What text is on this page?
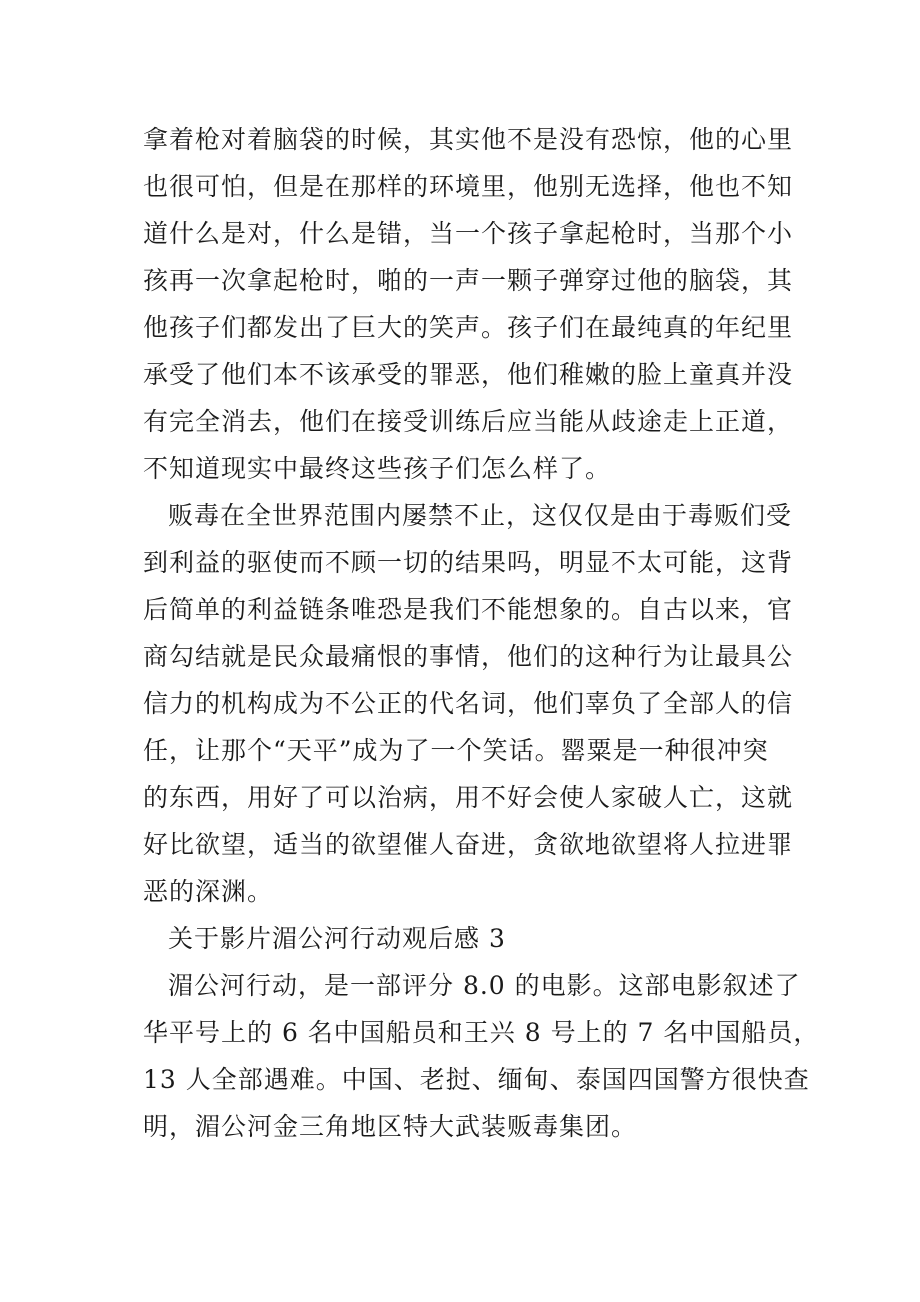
拿着枪对着脑袋的时候，其实他不是没有恐惊，他的心里
也很可怕，但是在那样的环境里，他别无选择，他也不知
道什么是对，什么是错，当一个孩子拿起枪时，当那个小
孩再一次拿起枪时，啪的一声一颗子弹穿过他的脑袋，其
他孩子们都发出了巨大的笑声。孩子们在最纯真的年纪里
承受了他们本不该承受的罪恶，他们稚嫩的脸上童真并没
有完全消去，他们在接受训练后应当能从歧途走上正道，
不知道现实中最终这些孩子们怎么样了。
贩毒在全世界范围内屡禁不止，这仅仅是由于毒贩们受
到利益的驱使而不顾一切的结果吗，明显不太可能，这背
后简单的利益链条唯恐是我们不能想象的。自古以来，官
商勾结就是民众最痛恨的事情，他们的这种行为让最具公
信力的机构成为不公正的代名词，他们辜负了全部人的信
任，让那个“天平”成为了一个笑话。罂粟是一种很冲突
的东西，用好了可以治病，用不好会使人家破人亡，这就
好比欲望，适当的欲望催人奋进，贪欲地欲望将人拉进罪
恶的深渊。
关于影片湄公河行动观后感 3
湄公河行动，是一部评分 8.0 的电影。这部电影叙述了
华平号上的 6 名中国船员和王兴 8 号上的 7 名中国船员，
13 人全部遇难。中国、老挝、缅甸、泰国四国警方很快查
明，湄公河金三角地区特大武装贩毒集团。
